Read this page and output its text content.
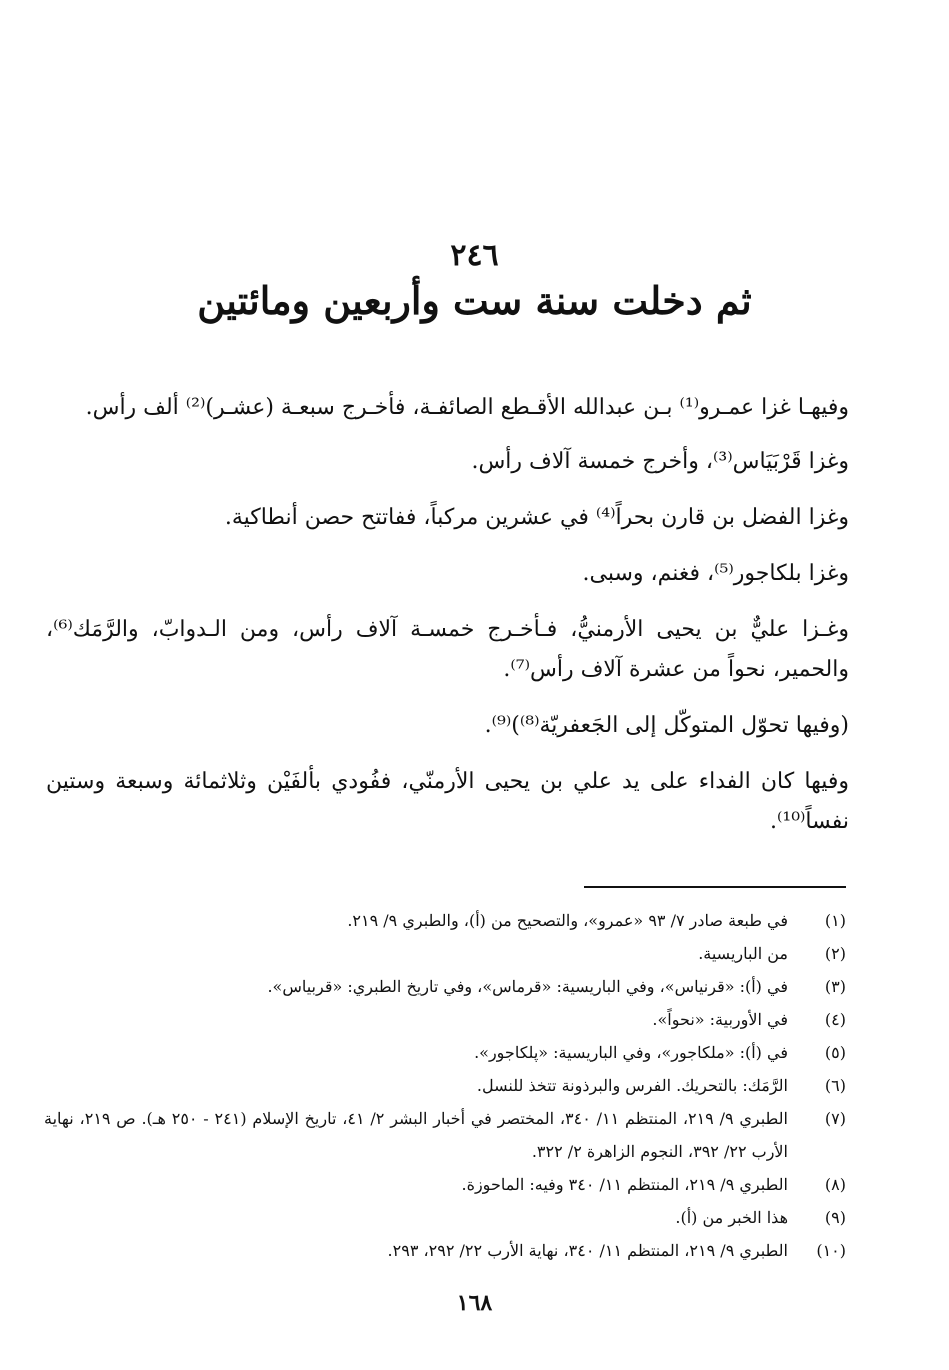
٢٤٦
ثم دخلت سنة ست وأربعين ومائتين

وفيهـا غزا عمـرو⁽¹⁾ بـن عبدالله الأقـطع الصائفـة، فأخـرج سبعـة (عشـر)⁽²⁾ ألف رأس.

وغزا قَرْبَيَاس⁽³⁾، وأخرج خمسة آلاف رأس.

وغزا الفضل بن قارن بحراً⁽⁴⁾ في عشرين مركباً، ففاتتح حصن أنطاكية.

وغزا بلكاجور⁽⁵⁾، فغنم، وسبى.

وغـزا عليٌّ بن يحيى الأرمنيُّ، فـأخـرج خمسـة آلاف رأس، ومن الـدوابّ، والرَّمَك⁽⁶⁾، والحمير، نحواً من عشرة آلاف رأس⁽⁷⁾.

(وفيها تحوّل المتوكّل إلى الجَعفريّة⁽⁸⁾)⁽⁹⁾.

وفيها كان الفداء على يد علي بن يحيى الأرمنّي، ففُودي بألفَيْن وثلاثمائة وسبعة وستين نفساً⁽¹⁰⁾.

(١)
في طبعة صادر ٧/ ٩٣ «عمرو»، والتصحيح من (أ)، والطبري ٩/ ٢١٩.
(٢)
من الباريسية.
(٣)
في (أ): «قرنياس»، وفي الباريسية: «قرماس»، وفي تاريخ الطبري: «قربياس».
(٤)
في الأوربية: «نحواً».
(٥)
في (أ): «ملكاجور»، وفي الباريسية: «پلكاجور».
(٦)
الرَّمَك: بالتحريك. الفرس والبرذونة تتخذ للنسل.
(٧)
الطبري ٩/ ٢١٩، المنتظم ١١/ ٣٤٠، المختصر في أخبار البشر ٢/ ٤١، تاريخ الإسلام (٢٤١ - ٢٥٠ هـ). ص ٢١٩، نهاية الأرب ٢٢/ ٣٩٢، النجوم الزاهرة ٢/ ٣٢٢.
(٨)
الطبري ٩/ ٢١٩، المنتظم ١١/ ٣٤٠ وفيه: الماحوزة.
(٩)
هذا الخبر من (أ).
(١٠)
الطبري ٩/ ٢١٩، المنتظم ١١/ ٣٤٠، نهاية الأرب ٢٢/ ٢٩٢، ٢٩٣.
١٦٨
